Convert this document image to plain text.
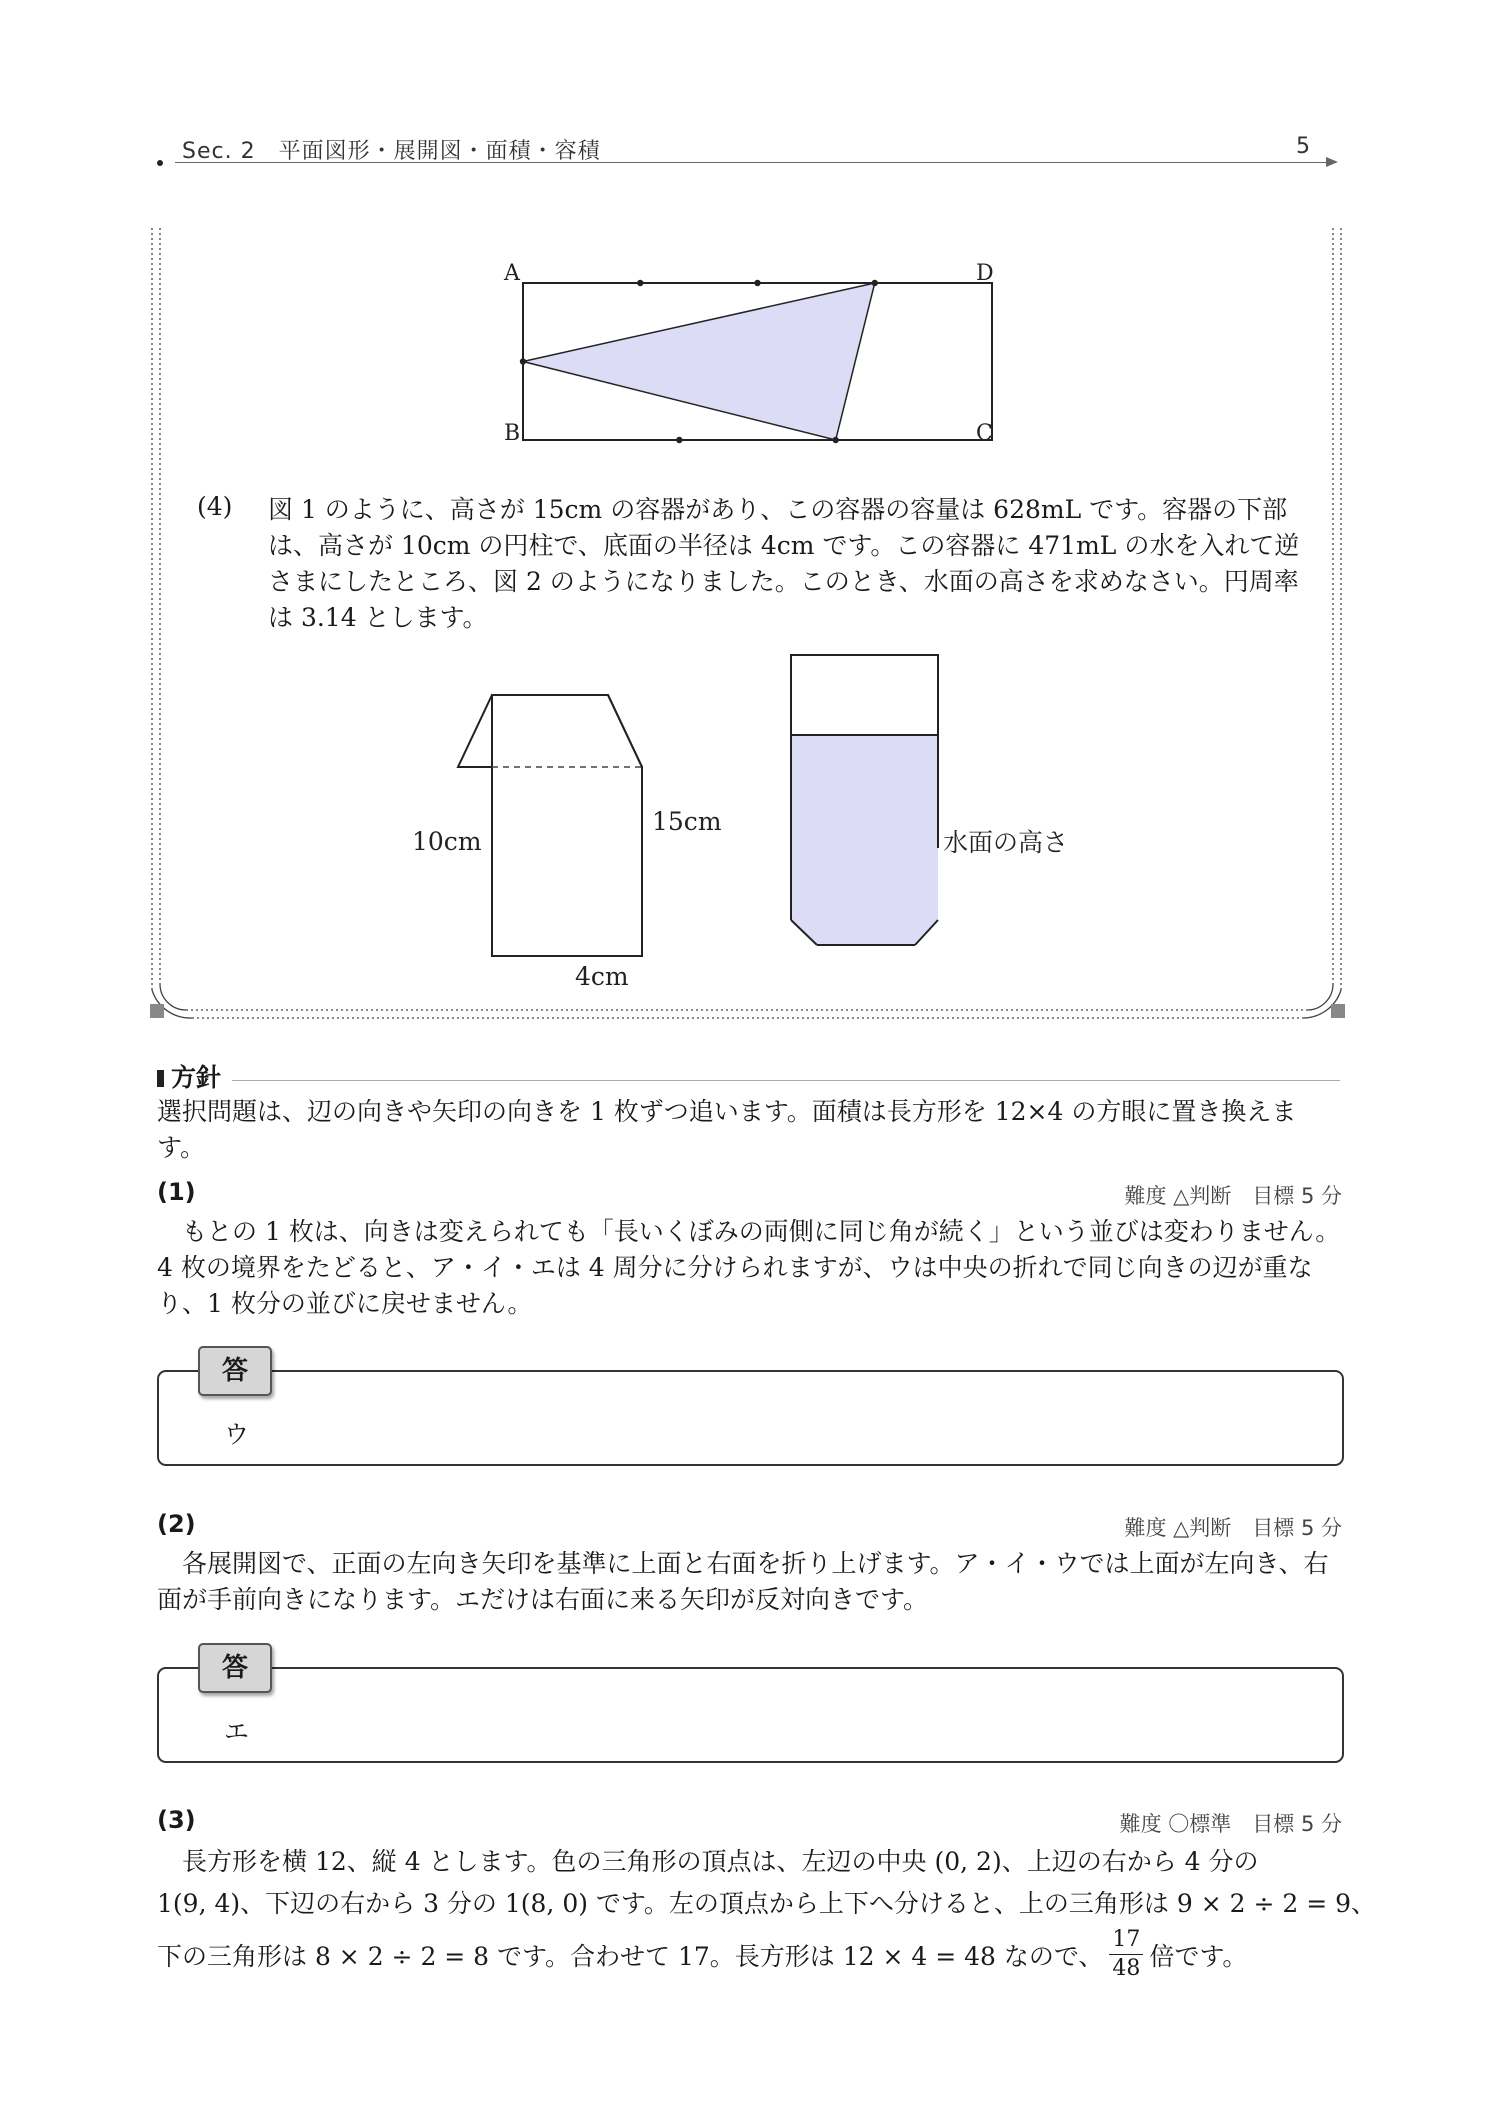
Sec. 2　平面図形・展開図・面積・容積	5
A	D
B	C
(4) 図 1 のように、高さが 15cm の容器があり、この容器の容量は 628mL です。容器の下部は、高さが 10cm の円柱で、底面の半径は 4cm です。この容器に 471mL の水を入れて逆さまにしたところ、図 2 のようになりました。このとき、水面の高さを求めなさい。円周率は 3.14 とします。
10cm
15cm
4cm
水面の高さ
方針
選択問題は、辺の向きや矢印の向きを 1 枚ずつ追います。面積は長方形を 12×4 の方眼に置き換えます。
(1)	難度 △判断　目標 5 分
　もとの 1 枚は、向きは変えられても「長いくぼみの両側に同じ角が続く」という並びは変わりません。4 枚の境界をたどると、ア・イ・エは 4 周分に分けられますが、ウは中央の折れで同じ向きの辺が重なり、1 枚分の並びに戻せません。
答
ウ
(2)	難度 △判断　目標 5 分
　各展開図で、正面の左向き矢印を基準に上面と右面を折り上げます。ア・イ・ウでは上面が左向き、右面が手前向きになります。エだけは右面に来る矢印が反対向きです。
答
エ
(3)	難度 〇標準　目標 5 分
　長方形を横 12、縦 4 とします。色の三角形の頂点は、左辺の中央 (0, 2)、上辺の右から 4 分の
1(9, 4)、下辺の右から 3 分の 1(8, 0) です。左の頂点から上下へ分けると、上の三角形は 9 × 2 ÷ 2 = 9、
下の三角形は 8 × 2 ÷ 2 = 8 です。合わせて 17。長方形は 12 × 4 = 48 なので、 $\frac{17}{48}$ 倍です。
